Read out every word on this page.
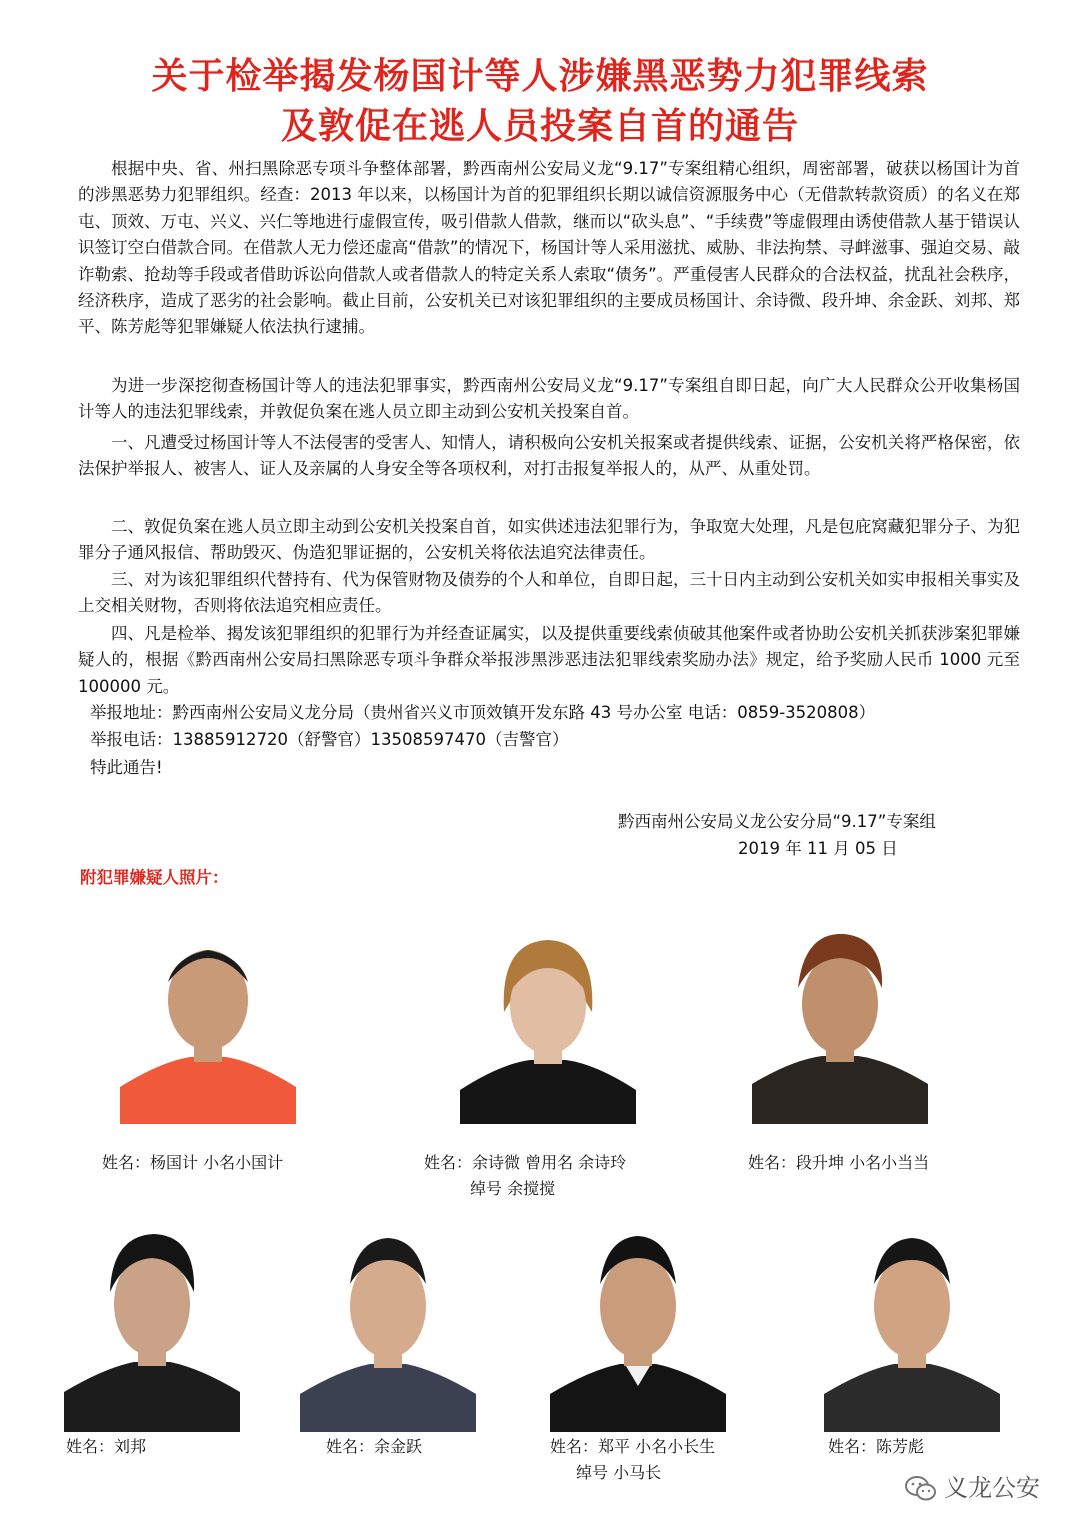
关于检举揭发杨国计等人涉嫌黑恶势力犯罪线索
及敦促在逃人员投案自首的通告
根据中央、省、州扫黑除恶专项斗争整体部署，黔西南州公安局义龙“9.17”专案组精心组织，周密部署，破获以杨国计为首的涉黑恶势力犯罪组织。经查：2013 年以来，以杨国计为首的犯罪组织长期以诚信资源服务中心（无借款转款资质）的名义在郑屯、顶效、万屯、兴义、兴仁等地进行虚假宣传，吸引借款人借款，继而以“砍头息”、“手续费”等虚假理由诱使借款人基于错误认识签订空白借款合同。在借款人无力偿还虚高“借款”的情况下，杨国计等人采用滋扰、威胁、非法拘禁、寻衅滋事、强迫交易、敲诈勒索、抢劫等手段或者借助诉讼向借款人或者借款人的特定关系人索取“债务”。严重侵害人民群众的合法权益，扰乱社会秩序，经济秩序，造成了恶劣的社会影响。截止目前，公安机关已对该犯罪组织的主要成员杨国计、余诗微、段升坤、余金跃、刘邦、郑平、陈芳彪等犯罪嫌疑人依法执行逮捕。
为进一步深挖彻查杨国计等人的违法犯罪事实，黔西南州公安局义龙“9.17”专案组自即日起，向广大人民群众公开收集杨国计等人的违法犯罪线索，并敦促负案在逃人员立即主动到公安机关投案自首。
一、凡遭受过杨国计等人不法侵害的受害人、知情人，请积极向公安机关报案或者提供线索、证据，公安机关将严格保密，依法保护举报人、被害人、证人及亲属的人身安全等各项权利，对打击报复举报人的，从严、从重处罚。
二、敦促负案在逃人员立即主动到公安机关投案自首，如实供述违法犯罪行为，争取宽大处理，凡是包庇窝藏犯罪分子、为犯罪分子通风报信、帮助毁灭、伪造犯罪证据的，公安机关将依法追究法律责任。
三、对为该犯罪组织代替持有、代为保管财物及债券的个人和单位，自即日起，三十日内主动到公安机关如实申报相关事实及上交相关财物，否则将依法追究相应责任。
四、凡是检举、揭发该犯罪组织的犯罪行为并经查证属实，以及提供重要线索侦破其他案件或者协助公安机关抓获涉案犯罪嫌疑人的，根据《黔西南州公安局扫黑除恶专项斗争群众举报涉黑涉恶违法犯罪线索奖励办法》规定，给予奖励人民币 1000 元至 100000 元。
举报地址：黔西南州公安局义龙分局（贵州省兴义市顶效镇开发东路 43 号办公室 电话：0859-3520808）
举报电话：13885912720（舒警官）13508597470（吉警官）
特此通告!
黔西南州公安局义龙公安分局“9.17”专案组
2019 年 11 月 05 日
附犯罪嫌疑人照片：
姓名：杨国计 小名小国计	姓名：余诗微 曾用名 余诗玲
绰号 余搅搅
姓名：段升坤 小名小当当
姓名：刘邦	姓名：余金跃	姓名：郑平 小名小长生
绰号 小马长
姓名：陈芳彪
义龙公安
